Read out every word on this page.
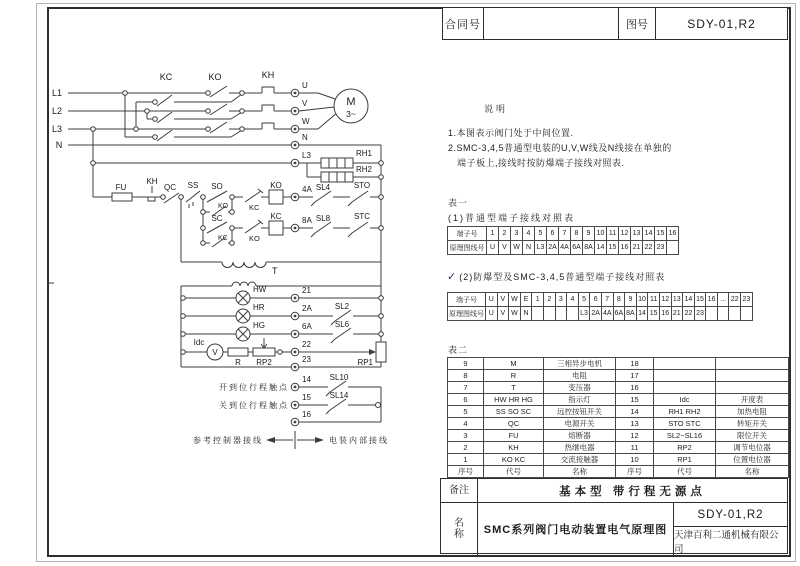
L1
L2
L3
N
KC	KO	KH
M
3~
U
V
W
N
L3	RH1
RH2
FU
KH
QC SS SO
KO	KC
KO	4A SL4	STO
SC
KC	KO
KC	8A SL8	STC
T
HW	21
HR	2A	SL2
HG	6A	SL6
Idc
V
R RP2
22
RP1
23
开到位行程触点
14 SL10
关到位行程触点
15 SL14
16
参考控制器接线	电装内部接线
合同号	图号	SDY-01,R2
说明
1.本图表示阀门处于中间位置.
2.SMC-3,4,5普通型电装的U,V,W线及N线接在单独的
端子板上,接线时按防爆端子接线对照表.
表一
(1)普通型端子接线对照表
端子号	1	2	3	4	5	6	7	8	9	10	11	12	13	14	15	16
原理图线号	U	V	W	N	L3	2A	4A	6A	8A	14	15	16	21	22	23	
✓ (2)防爆型及SMC-3,4,5普通型端子接线对照表
端子号	U	V	W	E	1	2	3	4	5	6	7	8	9	10	11	12	13	14	15	16	...	22	23
原理图线号	U	V	W	N					L3	2A	4A	6A	8A	14	15	16	21	22	23				
表二
9	M	三相异步电机	18		
8	R	电阻	17		
7	T	变压器	16		
6	HW HR HG	指示灯	15	Idc	开度表
5	SS SO SC	远控按钮开关	14	RH1 RH2	加热电阻
4	QC	电源开关	13	STO STC	转矩开关
3	FU	熔断器	12	SL2~SL16	限位开关
2	KH	热继电器	11	RP2	调节电位器
1	KO KC	交流接触器	10	RP1	位置电位器
序号	代号	名称	序号	代号	名称
备注	基本型 带行程无源点
名
称	SMC系列阀门电动装置电气原理图
SDY-01,R2
天津百利二通机械有限公司
